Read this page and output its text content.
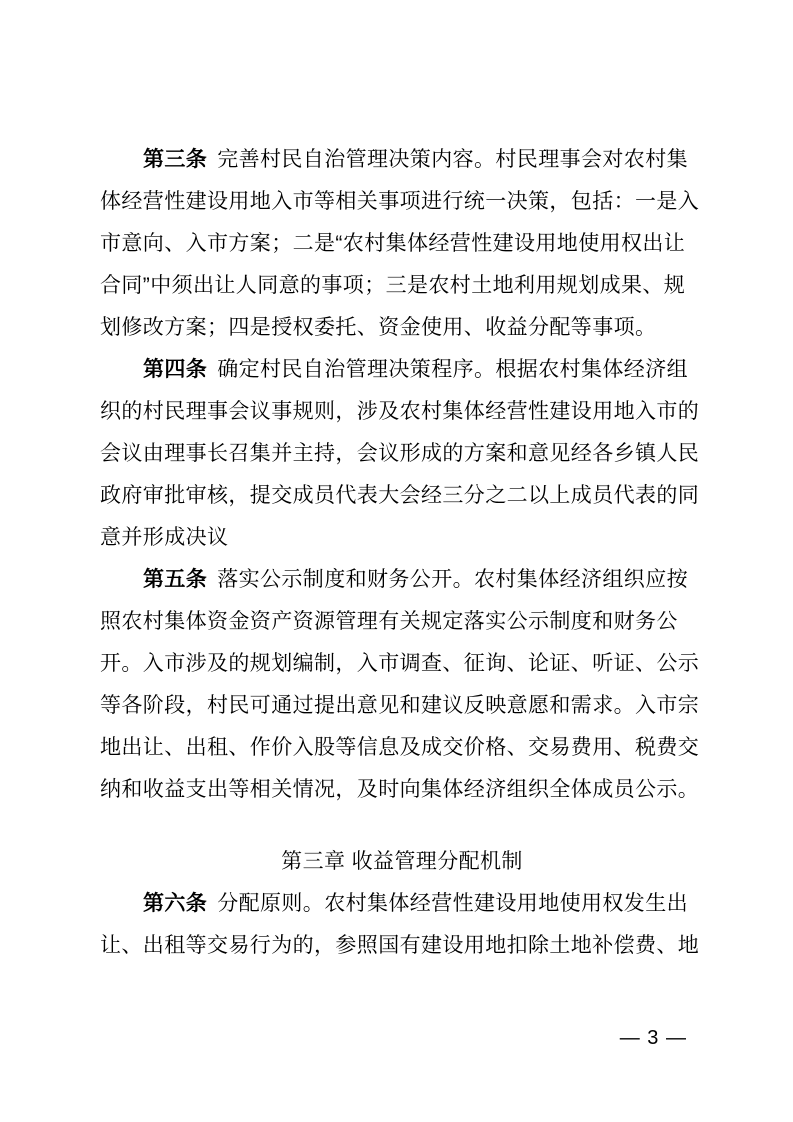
第三条 完善村民自治管理决策内容。村民理事会对农村集
体经营性建设用地入市等相关事项进行统一决策，包括：一是入
市意向、入市方案；二是“农村集体经营性建设用地使用权出让
合同”中须出让人同意的事项；三是农村土地利用规划成果、规
划修改方案；四是授权委托、资金使用、收益分配等事项。
第四条 确定村民自治管理决策程序。根据农村集体经济组
织的村民理事会议事规则，涉及农村集体经营性建设用地入市的
会议由理事长召集并主持，会议形成的方案和意见经各乡镇人民
政府审批审核，提交成员代表大会经三分之二以上成员代表的同
意并形成决议
第五条 落实公示制度和财务公开。农村集体经济组织应按
照农村集体资金资产资源管理有关规定落实公示制度和财务公
开。入市涉及的规划编制，入市调查、征询、论证、听证、公示
等各阶段，村民可通过提出意见和建议反映意愿和需求。入市宗
地出让、出租、作价入股等信息及成交价格、交易费用、税费交
纳和收益支出等相关情况，及时向集体经济组织全体成员公示。
第三章 收益管理分配机制
第六条 分配原则。农村集体经营性建设用地使用权发生出
让、出租等交易行为的，参照国有建设用地扣除土地补偿费、地
— 3 —
